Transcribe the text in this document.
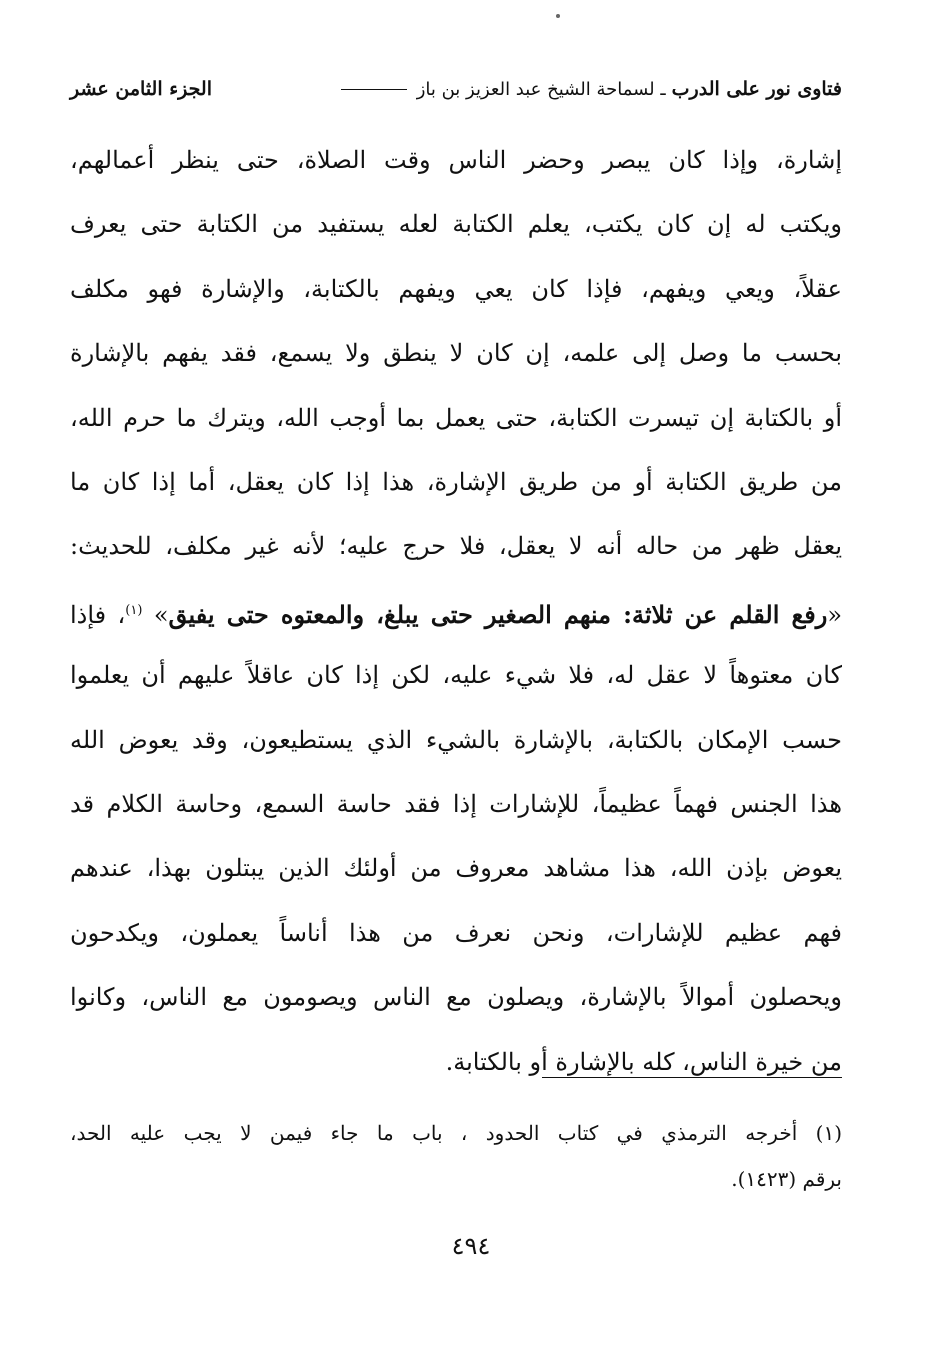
فتاوى نور على الدرب
ـ لسماحة الشيخ عبد العزيز بن باز
الجزء الثامن عشر
إشارة، وإذا كان يبصر وحضر الناس وقت الصلاة، حتى ينظر أعمالهم،
ويكتب له إن كان يكتب، يعلم الكتابة لعله يستفيد من الكتابة حتى يعرف
عقلاً، ويعي ويفهم، فإذا كان يعي ويفهم بالكتابة، والإشارة فهو مكلف
بحسب ما وصل إلى علمه، إن كان لا ينطق ولا يسمع، فقد يفهم بالإشارة
أو بالكتابة إن تيسرت الكتابة، حتى يعمل بما أوجب الله، ويترك ما حرم الله،
من طريق الكتابة أو من طريق الإشارة، هذا إذا كان يعقل، أما إذا كان ما
يعقل ظهر من حاله أنه لا يعقل، فلا حرج عليه؛ لأنه غير مكلف، للحديث:
«رفع القلم عن ثلاثة: منهم الصغير حتى يبلغ، والمعتوه حتى يفيق» $^{(١)}$، فإذا
كان معتوهاً لا عقل له، فلا شيء عليه، لكن إذا كان عاقلاً عليهم أن يعلموا
حسب الإمكان بالكتابة، بالإشارة بالشيء الذي يستطيعون، وقد يعوض الله
هذا الجنس فهماً عظيماً، للإشارات إذا فقد حاسة السمع، وحاسة الكلام قد
يعوض بإذن الله، هذا مشاهد معروف من أولئك الذين يبتلون بهذا، عندهم
فهم عظيم للإشارات، ونحن نعرف من هذا أناساً يعملون، ويكدحون
ويحصلون أموالاً بالإشارة، ويصلون مع الناس ويصومون مع الناس، وكانوا
من خيرة الناس، كله بالإشارة أو بالكتابة.
(١) أخرجه الترمذي في كتاب الحدود ، باب ما جاء فيمن لا يجب عليه الحد،
برقم (١٤٢٣).
٤٩٤
